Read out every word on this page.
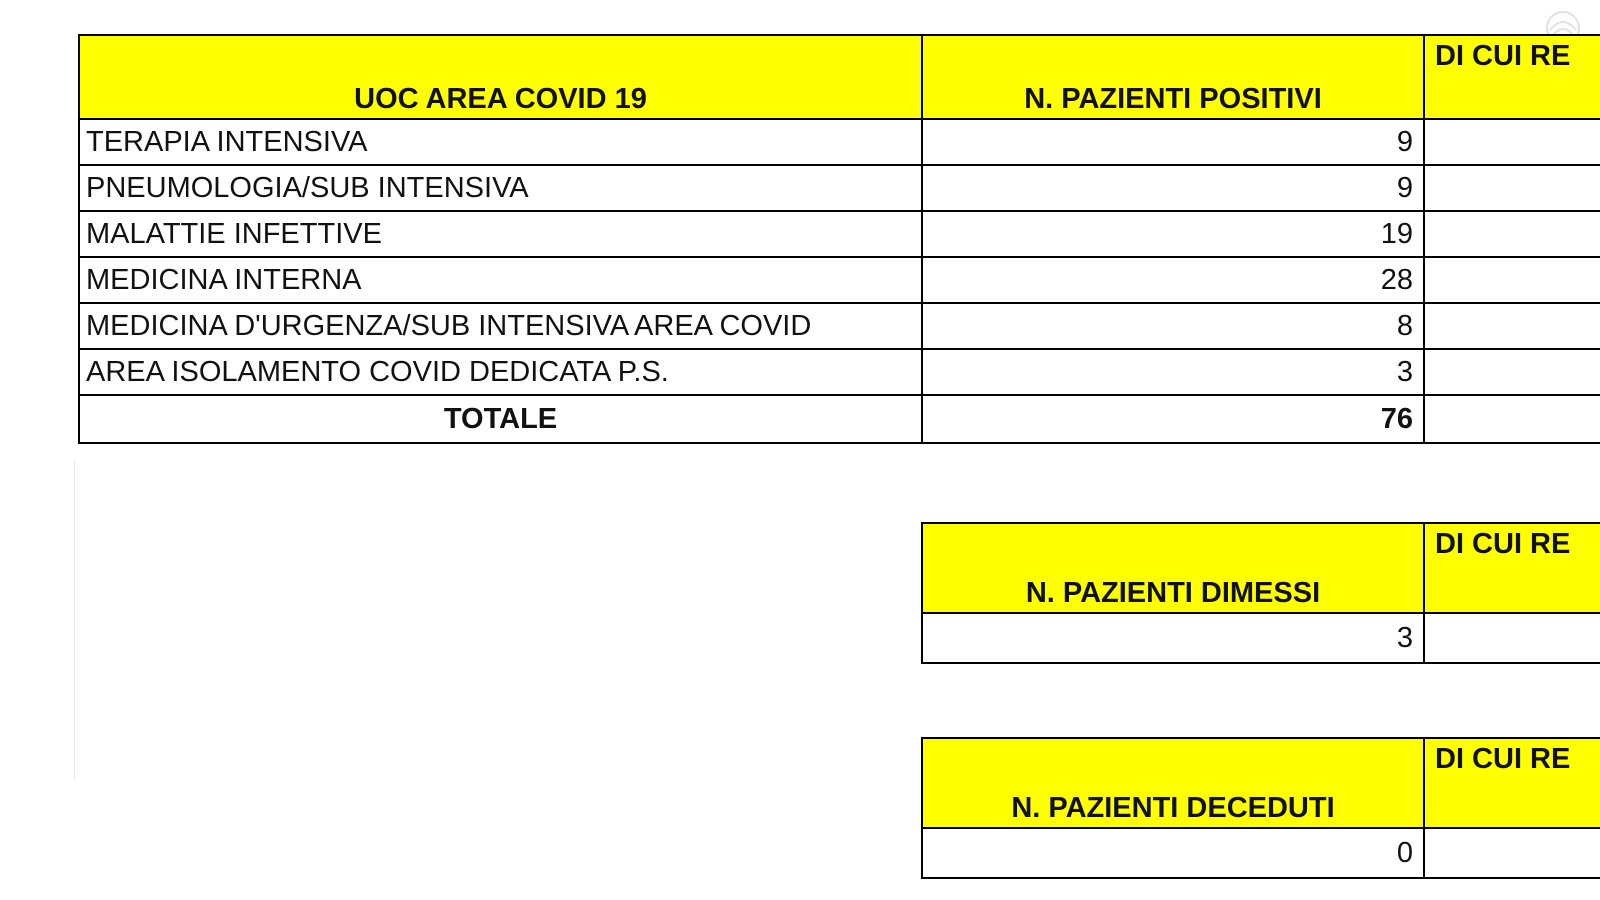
UOC AREA COVID 19	N. PAZIENTI POSITIVI	DI CUI RE
TERAPIA INTENSIVA	9	
PNEUMOLOGIA/SUB INTENSIVA	9	
MALATTIE INFETTIVE	19	
MEDICINA INTERNA	28	
MEDICINA D'URGENZA/SUB INTENSIVA AREA COVID	8	
AREA ISOLAMENTO COVID DEDICATA P.S.	3	
TOTALE	76	
N. PAZIENTI DIMESSI	DI CUI RE
3	
N. PAZIENTI DECEDUTI	DI CUI RE
0	
